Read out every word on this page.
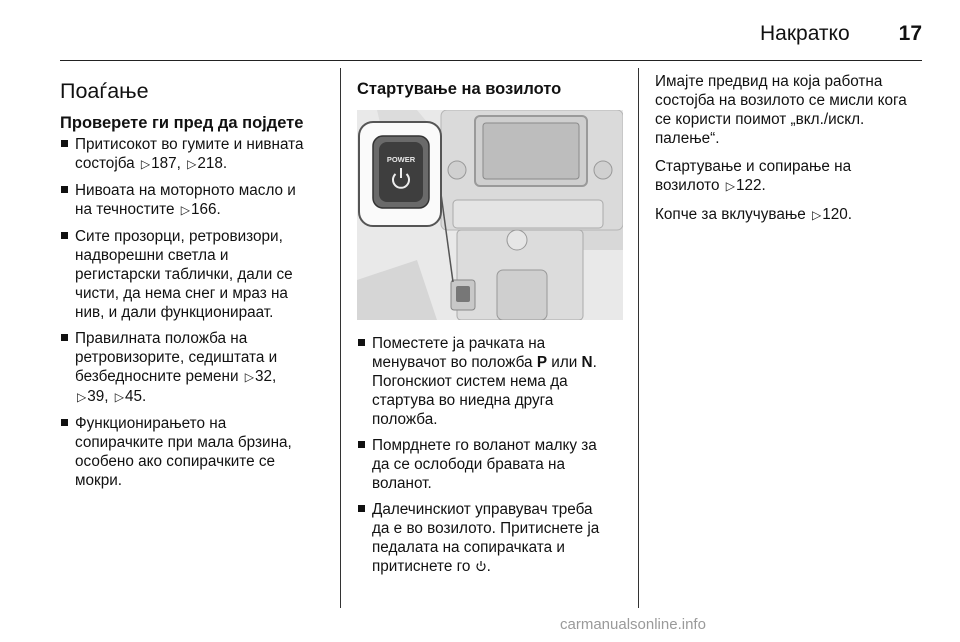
Накратко 17
Поаѓање
Проверете ги пред да појдете
Притисокот во гумите и нивната
состојба ▷187, ▷218.
Нивоата на моторното масло и
на течностите ▷166.
Сите прозорци, ретровизори,
надворешни светла и
регистарски таблички, дали се
чисти, да нема снег и мраз на
нив, и дали функционираат.
Правилната положба на
ретровизорите, седиштата и
безбедносните ремени ▷32,
▷39, ▷45.
Функционирањето на
сопирачките при мала брзина,
особено ако сопирачките се
мокри.
Стартување на возилото
POWER
Поместете ја рачката на
менувачот во положба P или N.
Погонскиот систем нема да
стартува во ниедна друга
положба.
Помрднете го воланот малку за
да се ослободи бравата на
воланот.
Далечинскиот управувач треба
да е во возилото. Притиснете ја
педалата на сопирачката и
притиснете го .

Имајте предвид на која работна
состојба на возилото се мисли кога
се користи поимот „вкл./искл.
палење“.

Стартување и сопирање на
возилото ▷122.

Копче за вклучување ▷120.

carmanualsonline.info
